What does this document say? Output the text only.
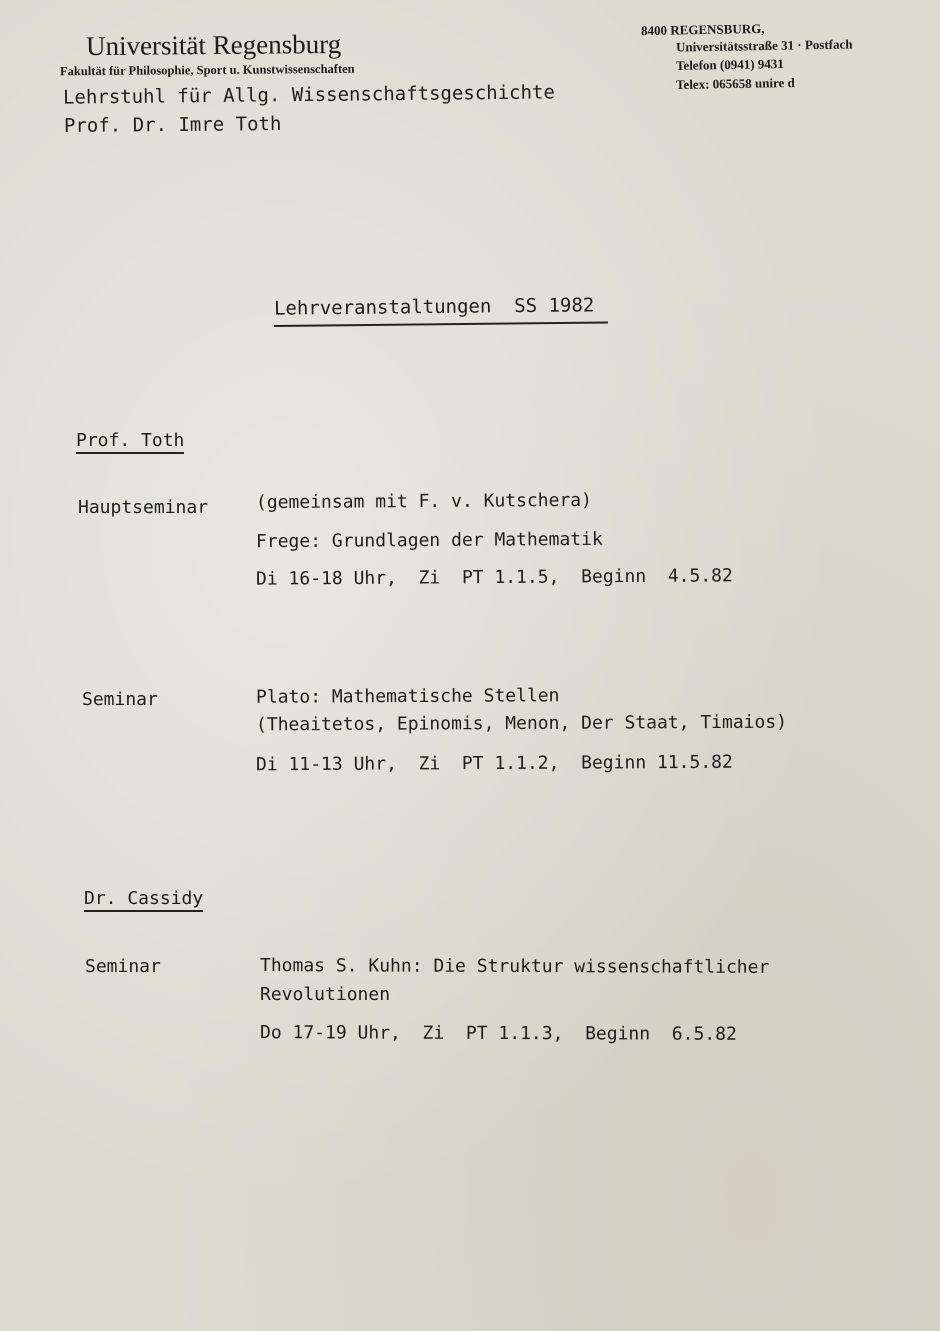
Universität Regensburg
Fakultät für Philosophie, Sport u. Kunstwissenschaften
Lehrstuhl für Allg. Wissenschaftsgeschichte
Prof. Dr. Imre Toth
8400 REGENSBURG,
Universitätsstraße 31 · Postfach
Telefon (0941) 9431
Telex: 065658 unire d
Lehrveranstaltungen  SS 1982
Prof. Toth
Hauptseminar	(gemeinsam mit F. v. Kutschera)
Frege: Grundlagen der Mathematik
Di 16-18 Uhr,  Zi  PT 1.1.5,  Beginn  4.5.82
Seminar	Plato: Mathematische Stellen
(Theaitetos, Epinomis, Menon, Der Staat, Timaios)
Di 11-13 Uhr,  Zi  PT 1.1.2,  Beginn 11.5.82
Dr. Cassidy
Seminar	Thomas S. Kuhn: Die Struktur wissenschaftlicher
Revolutionen
Do 17-19 Uhr,  Zi  PT 1.1.3,  Beginn  6.5.82
